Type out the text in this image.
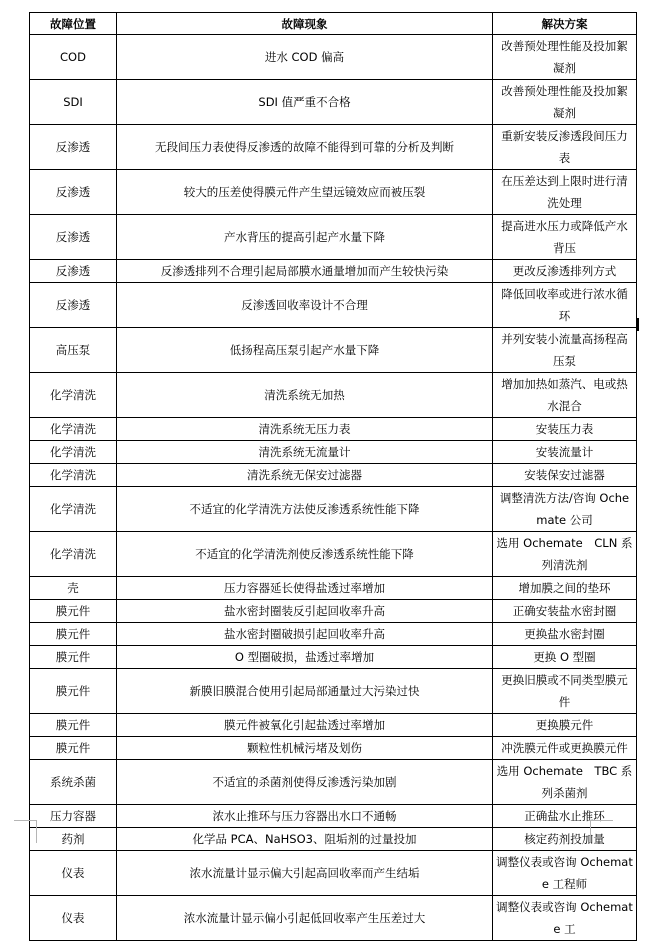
故障位置	故障现象	解决方案
COD	进水 COD 偏高	改善预处理性能及投加絮凝剂
SDI	SDI 值严重不合格	改善预处理性能及投加絮凝剂
反渗透	无段间压力表使得反渗透的故障不能得到可靠的分析及判断	重新安装反渗透段间压力表
反渗透	较大的压差使得膜元件产生望远镜效应而被压裂	在压差达到上限时进行清洗处理
反渗透	产水背压的提高引起产水量下降	提高进水压力或降低产水背压
反渗透	反渗透排列不合理引起局部膜水通量增加而产生较快污染	更改反渗透排列方式
反渗透	反渗透回收率设计不合理	降低回收率或进行浓水循环
高压泵	低扬程高压泵引起产水量下降	并列安装小流量高扬程高压泵
化学清洗	清洗系统无加热	增加加热如蒸汽、电或热水混合
化学清洗	清洗系统无压力表	安装压力表
化学清洗	清洗系统无流量计	安装流量计
化学清洗	清洗系统无保安过滤器	安装保安过滤器
化学清洗	不适宜的化学清洗方法使反渗透系统性能下降	调整清洗方法/咨询 Ochemate 公司
化学清洗	不适宜的化学清洗剂使反渗透系统性能下降	选用 Ochemate　CLN 系列清洗剂
壳	压力容器延长使得盐透过率增加	增加膜之间的垫环
膜元件	盐水密封圈装反引起回收率升高	正确安装盐水密封圈
膜元件	盐水密封圈破损引起回收率升高	更换盐水密封圈
膜元件	O 型圈破损，盐透过率增加	更换 O 型圈
膜元件	新膜旧膜混合使用引起局部通量过大污染过快	更换旧膜或不同类型膜元件
膜元件	膜元件被氧化引起盐透过率增加	更换膜元件
膜元件	颗粒性机械污堵及划伤	冲洗膜元件或更换膜元件
系统杀菌	不适宜的杀菌剂使得反渗透污染加剧	选用 Ochemate　TBC 系列杀菌剂
压力容器	浓水止推环与压力容器出水口不通畅	正确盐水止推环
药剂	化学品 PCA、NaHSO3、阻垢剂的过量投加	核定药剂投加量
仪表	浓水流量计显示偏大引起高回收率而产生结垢	调整仪表或咨询 Ochemate 工程师
仪表	浓水流量计显示偏小引起低回收率产生压差过大	调整仪表或咨询 Ochemate 工
